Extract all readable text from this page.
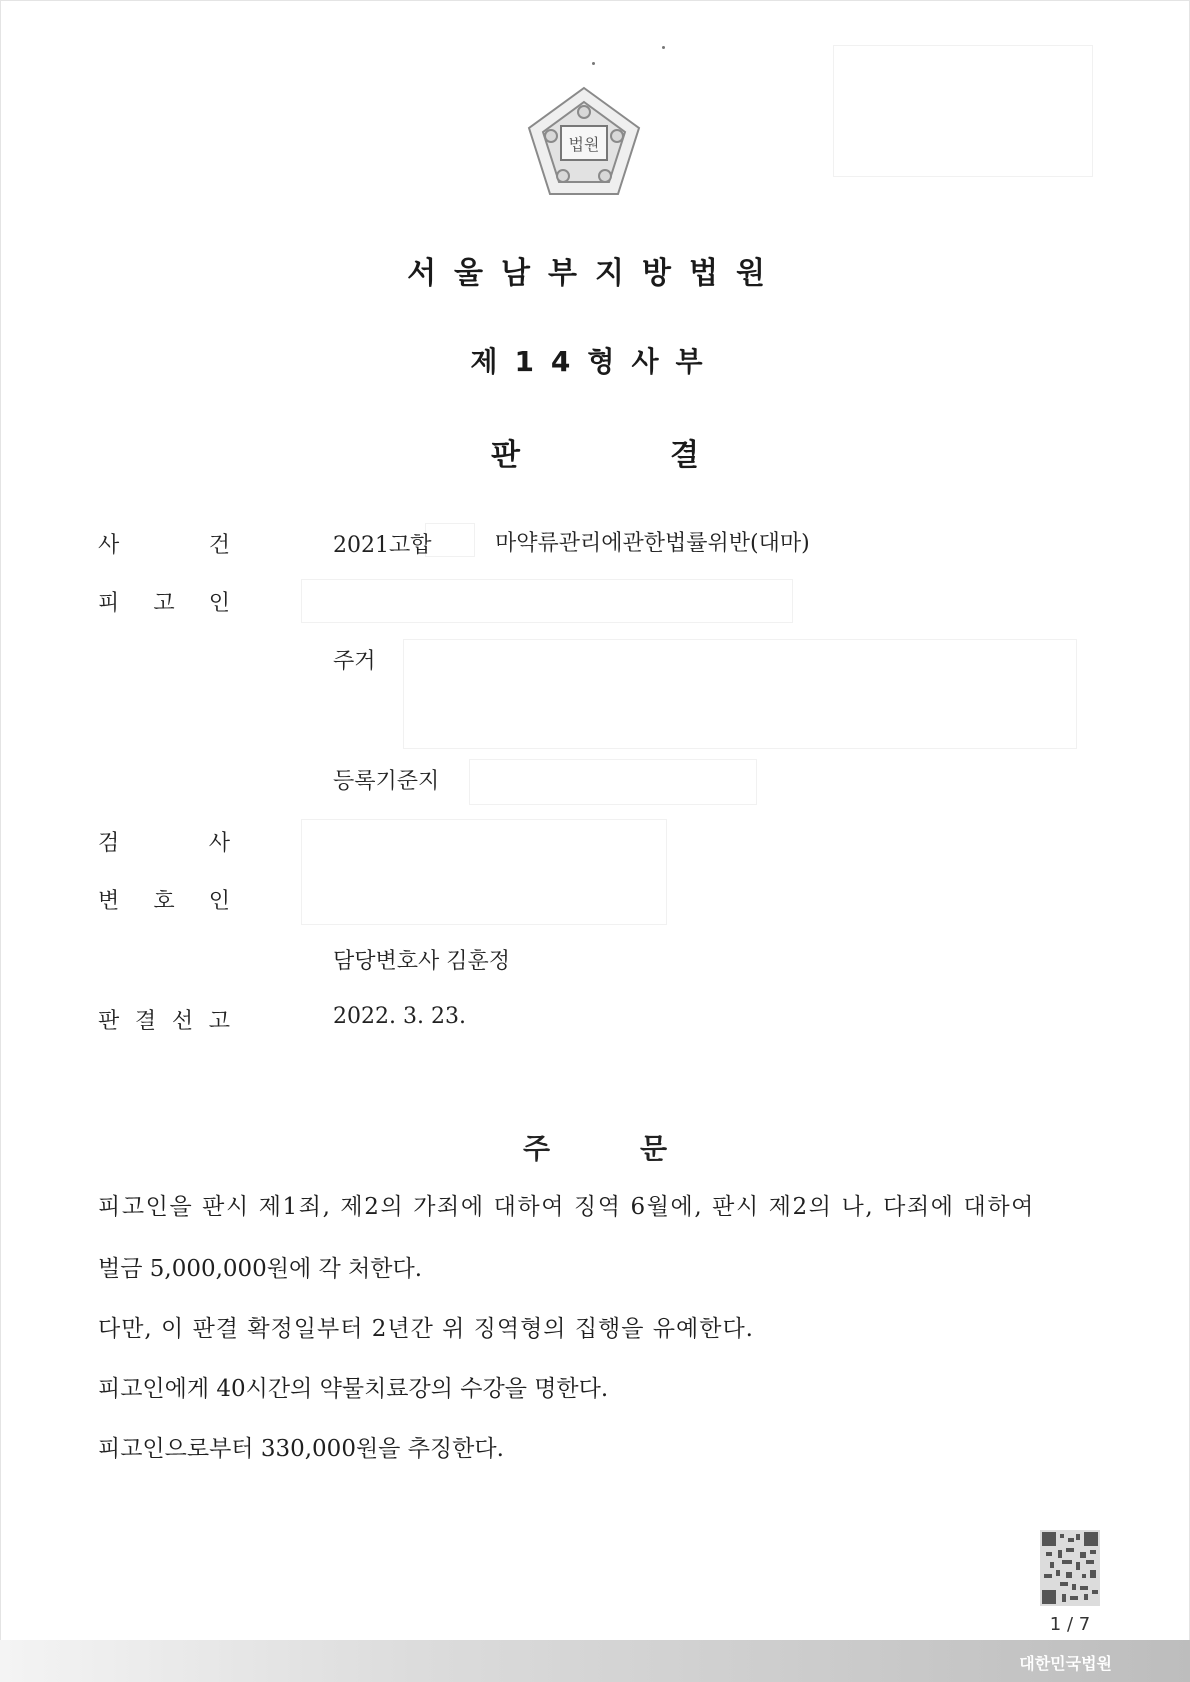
법원
서울남부지방법원
제14형사부
판	결
사	건	2021고합	마약류관리에관한법률위반(대마)
피 고 인
주거
등록기준지
검	사
변 호 인
담당변호사 김훈정
판 결 선 고	2022. 3. 23.
주	문
피고인을 판시 제1죄, 제2의 가죄에 대하여 징역 6월에, 판시 제2의 나, 다죄에 대하여
벌금 5,000,000원에 각 처한다.
다만, 이 판결 확정일부터 2년간 위 징역형의 집행을 유예한다.
피고인에게 40시간의 약물치료강의 수강을 명한다.
피고인으로부터 330,000원을 추징한다.
1 / 7
대한민국법원
